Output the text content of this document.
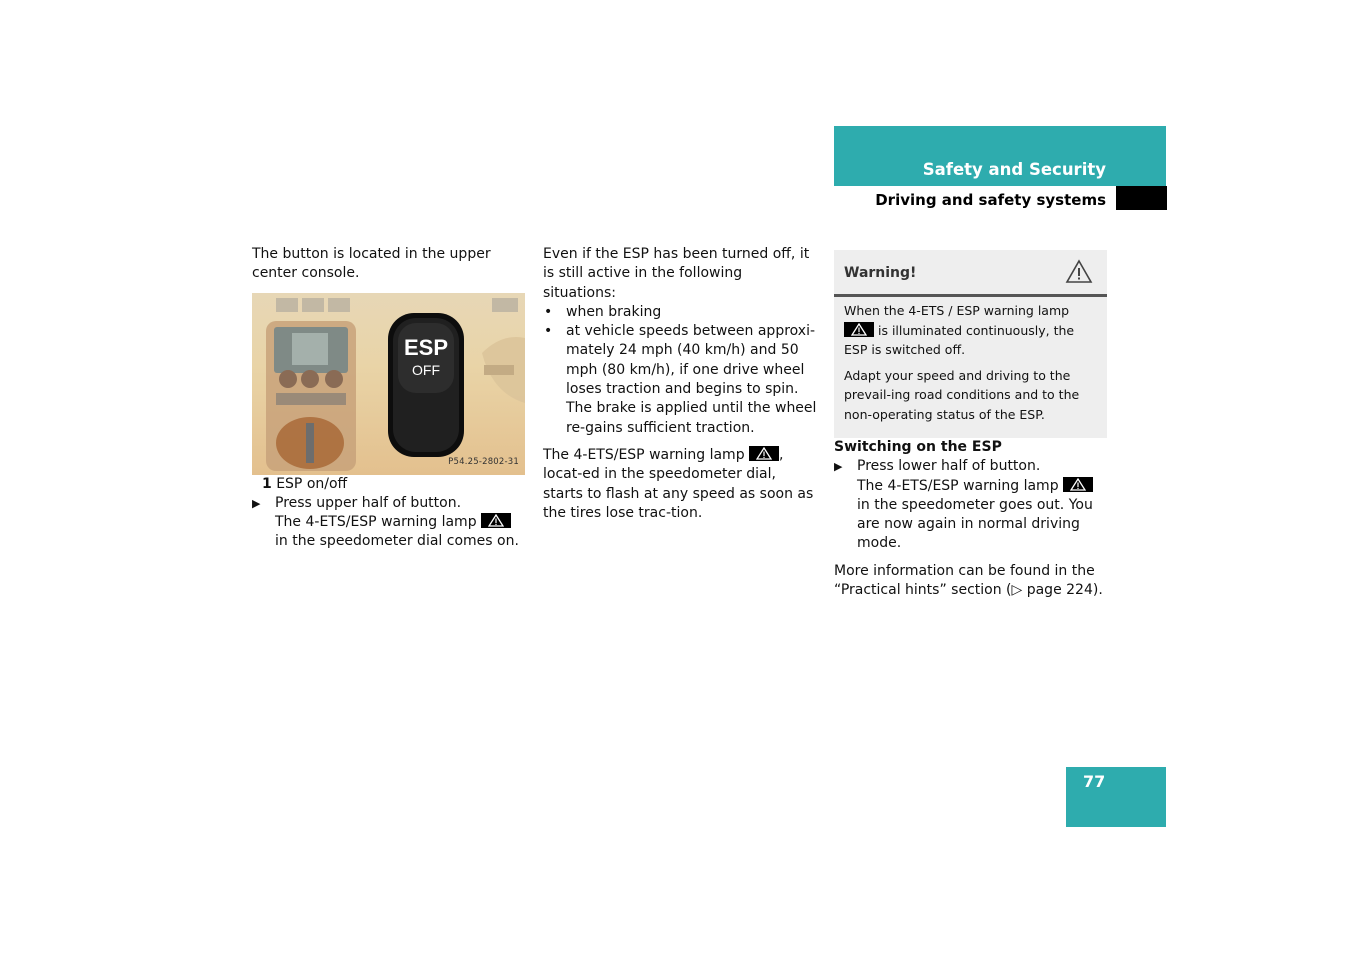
Safety and Security
Driving and safety systems

The button is located in the upper center console.

ESP
OFF
P54.25-2802-31

1 ESP on/off

▶ Press upper half of button.

The 4-ETS/ESP warning lamp
in the speedometer dial comes on.

Even if the ESP has been turned off, it is still active in the following situations:

• when braking

• at vehicle speeds between approxi-mately 24 mph (40 km/h) and 50 mph (80 km/h), if one drive wheel loses traction and begins to spin.

The brake is applied until the wheel re-gains sufficient traction.

The 4-ETS/ESP warning lamp , locat-ed in the speedometer dial, starts to flash at any speed as soon as the tires lose trac-tion.

Warning!

When the 4-ETS / ESP warning lamp
is illuminated continuously, the ESP is switched off.

Adapt your speed and driving to the prevail-ing road conditions and to the non-operating status of the ESP.

Switching on the ESP

▶ Press lower half of button.

The 4-ETS/ESP warning lamp
in the speedometer goes out. You are now again in normal driving mode.

More information can be found in the “Practical hints” section (▷ page 224).

77
